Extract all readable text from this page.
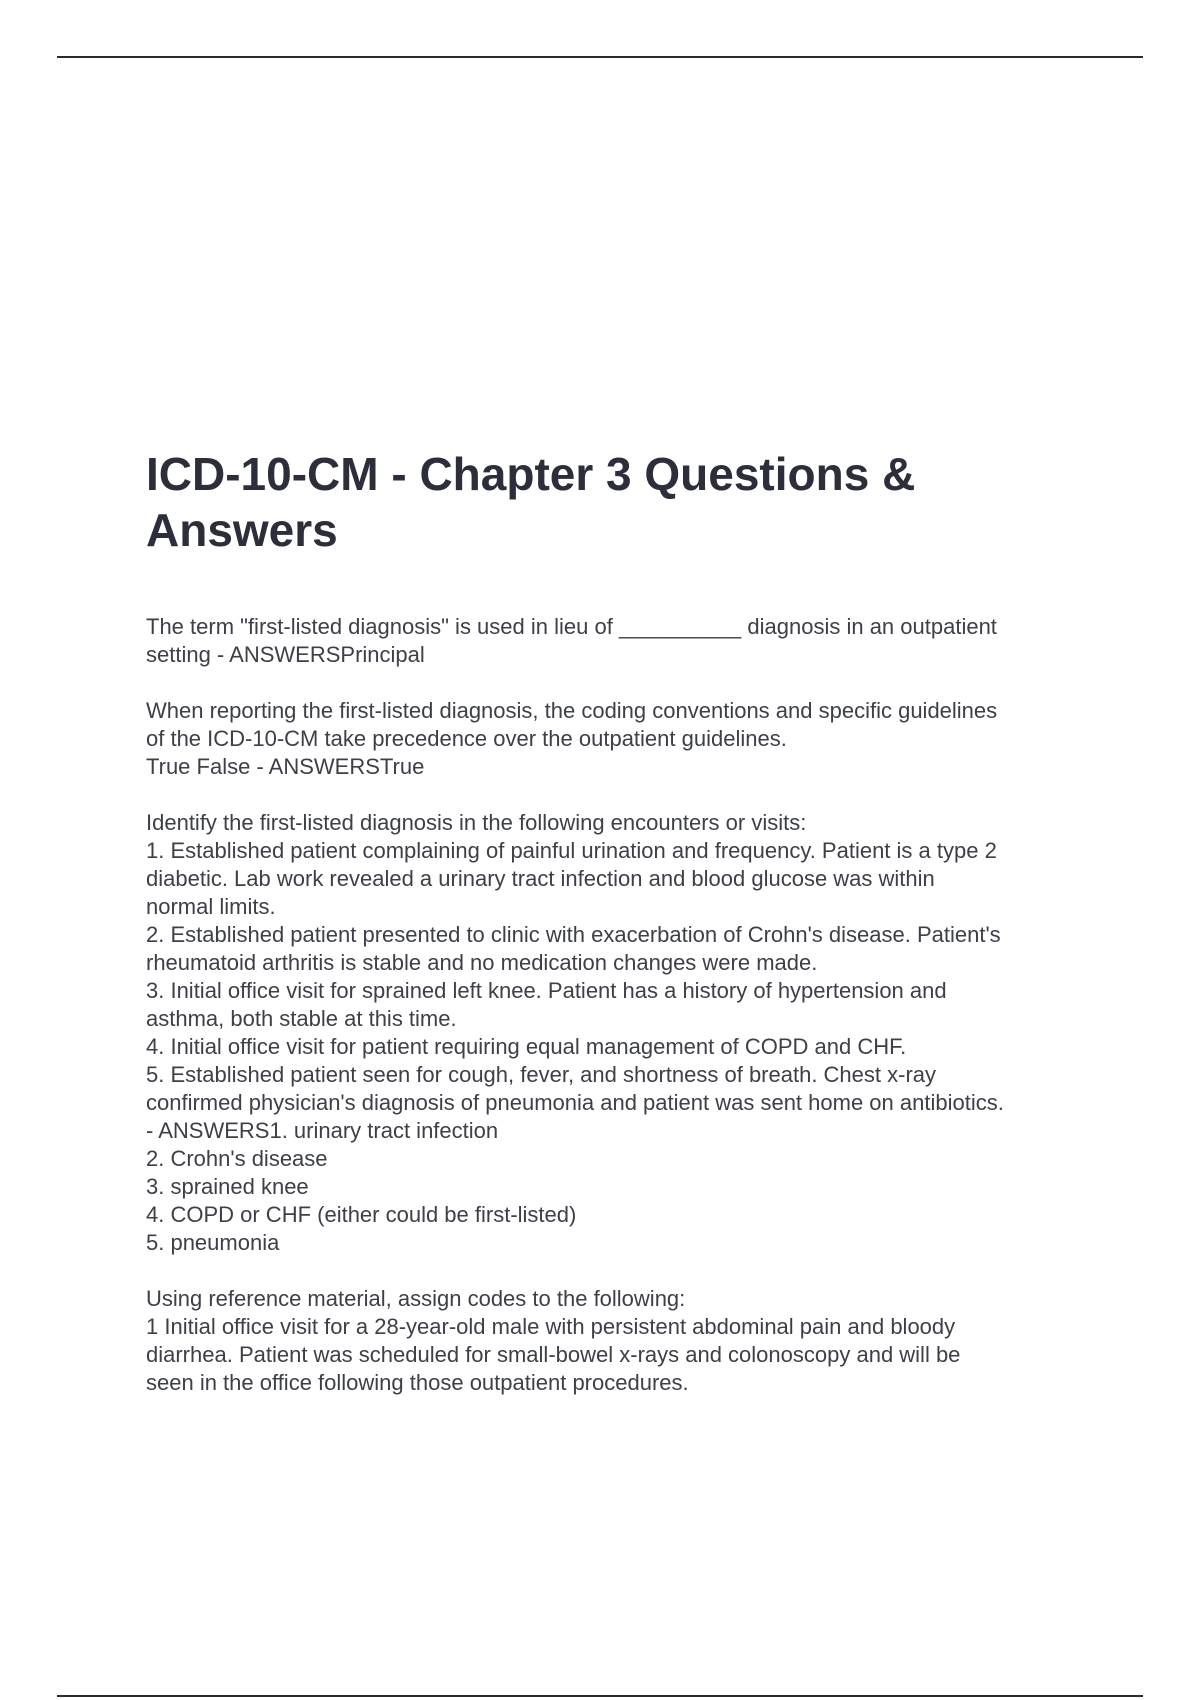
ICD-10-CM - Chapter 3 Questions &
Answers
The term "first-listed diagnosis" is used in lieu of __________ diagnosis in an outpatient
setting - ANSWERSPrincipal
When reporting the first-listed diagnosis, the coding conventions and specific guidelines
of the ICD-10-CM take precedence over the outpatient guidelines.
True False - ANSWERSTrue
Identify the first-listed diagnosis in the following encounters or visits:
1. Established patient complaining of painful urination and frequency. Patient is a type 2
diabetic. Lab work revealed a urinary tract infection and blood glucose was within
normal limits.
2. Established patient presented to clinic with exacerbation of Crohn's disease. Patient's
rheumatoid arthritis is stable and no medication changes were made.
3. Initial office visit for sprained left knee. Patient has a history of hypertension and
asthma, both stable at this time.
4. Initial office visit for patient requiring equal management of COPD and CHF.
5. Established patient seen for cough, fever, and shortness of breath. Chest x-ray
confirmed physician's diagnosis of pneumonia and patient was sent home on antibiotics.
- ANSWERS1. urinary tract infection
2. Crohn's disease
3. sprained knee
4. COPD or CHF (either could be first-listed)
5. pneumonia
Using reference material, assign codes to the following:
1 Initial office visit for a 28-year-old male with persistent abdominal pain and bloody
diarrhea. Patient was scheduled for small-bowel x-rays and colonoscopy and will be
seen in the office following those outpatient procedures.
